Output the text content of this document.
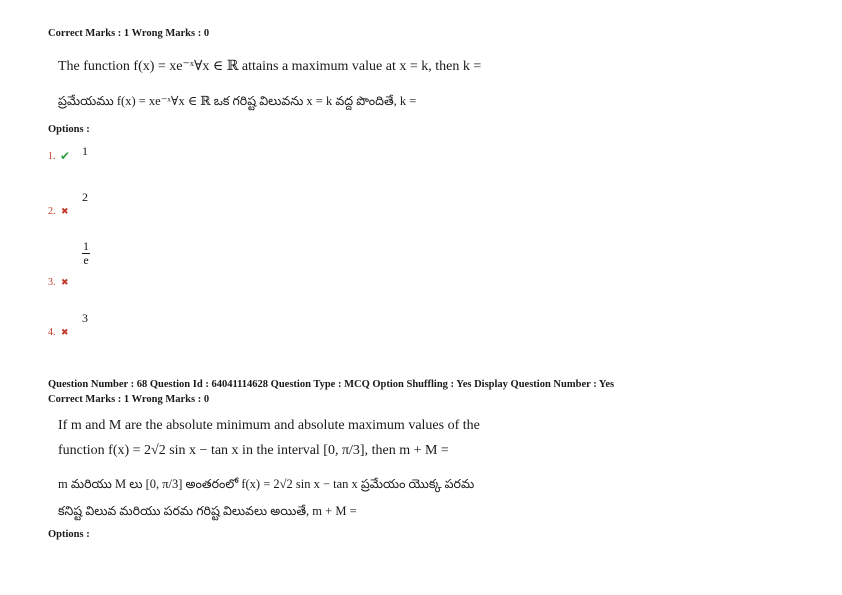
Correct Marks : 1 Wrong Marks : 0
The function f(x) = xe⁻ˣ∀x ∈ ℝ attains a maximum value at x = k, then k =
ప్రమేయము f(x) = xe⁻ˣ∀x ∈ ℝ ఒక గరిష్ట విలువను x = k వద్ద పొందితే, k =
Options :
1. ✔ 1
2. ✖
2
3. ✖
$\frac{1}{e}$
4. ✖
3
Question Number : 68 Question Id : 64041114628 Question Type : MCQ Option Shuffling : Yes Display Question Number : Yes
Correct Marks : 1 Wrong Marks : 0
If m and M are the absolute minimum and absolute maximum values of the
function f(x) = 2√2 sin x − tan x in the interval [0, π/3], then m + M =
m మరియు M లు [0, π/3] అంతరంలో f(x) = 2√2 sin x − tan x ప్రమేయం యొక్క పరమ
కనిష్ట విలువ మరియు పరమ గరిష్ట విలువలు అయితే, m + M =
Options :
